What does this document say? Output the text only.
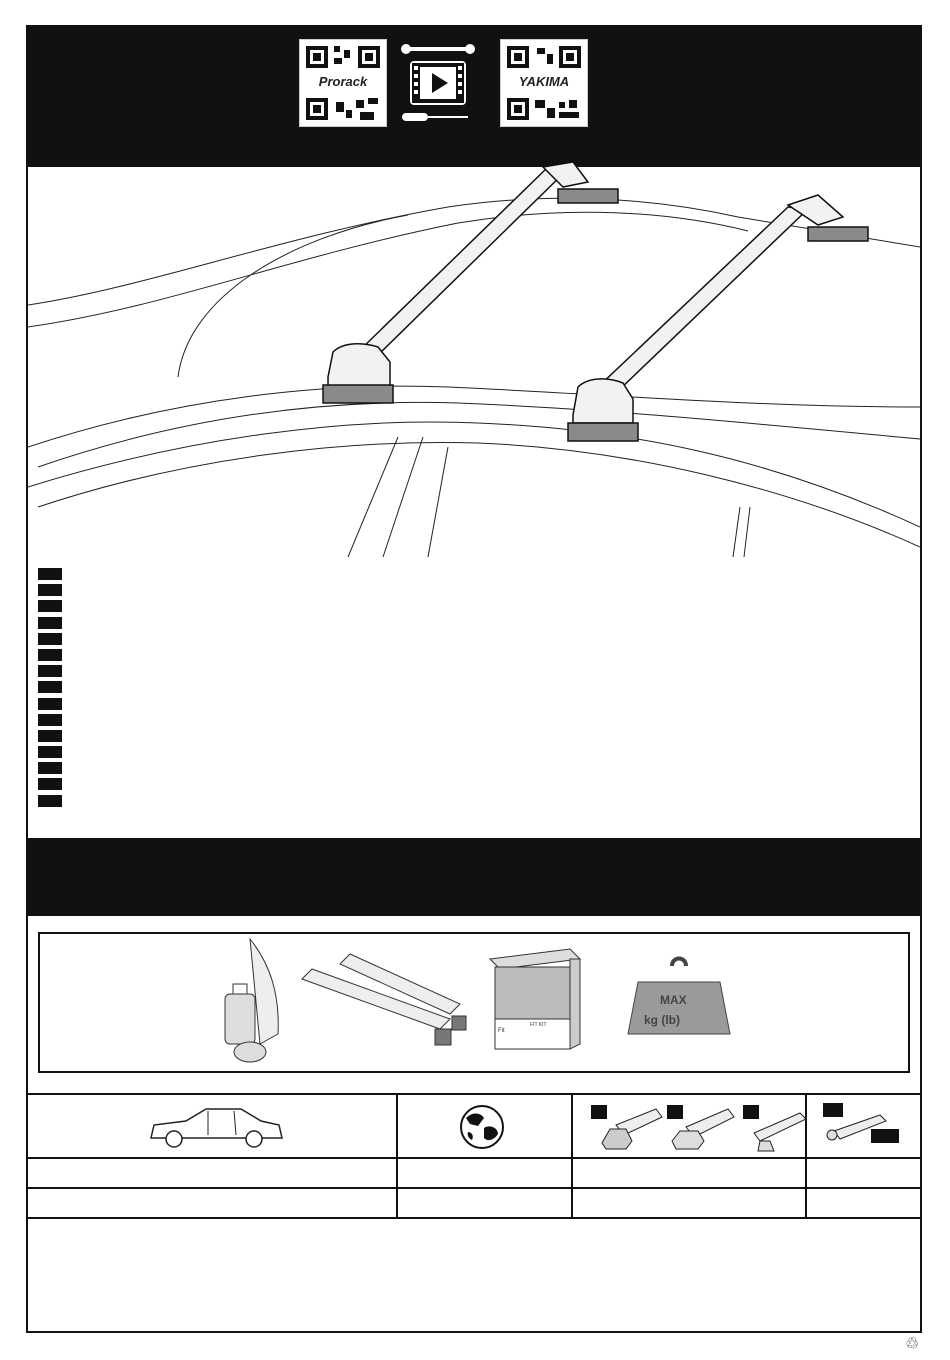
Prorack	YAKIMA
Fit
FIT KIT
MAX
kg (lb)
♲
